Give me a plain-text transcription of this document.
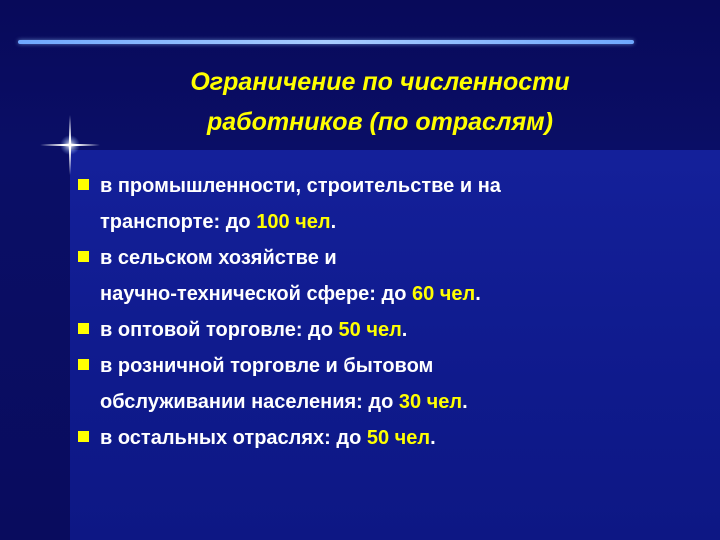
Ограничение по численности
работников (по отраслям)
в промышленности, строительстве и на
транспорте: до 100 чел.
в сельском хозяйстве и
научно-технической сфере: до 60 чел.
в оптовой торговле: до 50 чел.
в розничной торговле и бытовом
обслуживании населения: до 30 чел.
в остальных отраслях: до 50 чел.
